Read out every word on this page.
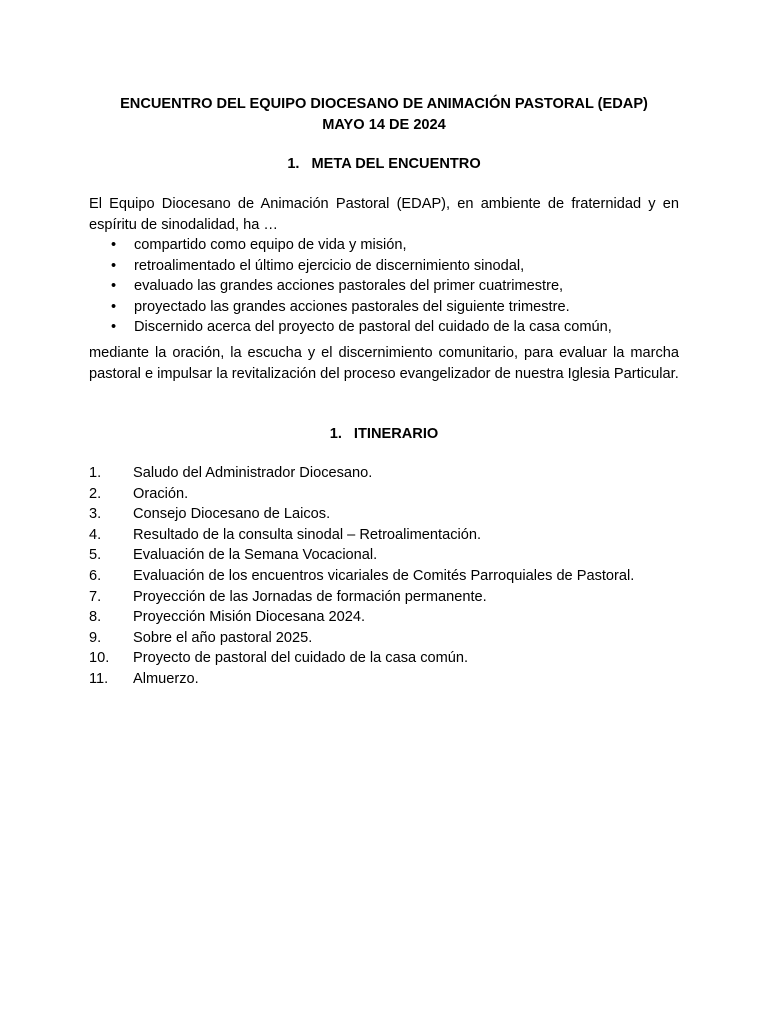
ENCUENTRO DEL EQUIPO DIOCESANO DE ANIMACIÓN PASTORAL (EDAP)
MAYO 14 DE 2024
1. META DEL ENCUENTRO
El Equipo Diocesano de Animación Pastoral (EDAP), en ambiente de fraternidad y en espíritu de sinodalidad, ha …
• compartido como equipo de vida y misión,
• retroalimentado el último ejercicio de discernimiento sinodal,
• evaluado las grandes acciones pastorales del primer cuatrimestre,
• proyectado las grandes acciones pastorales del siguiente trimestre.
• Discernido acerca del proyecto de pastoral del cuidado de la casa común,
mediante la oración, la escucha y el discernimiento comunitario, para evaluar la marcha pastoral e impulsar la revitalización del proceso evangelizador de nuestra Iglesia Particular.
1. ITINERARIO
1. Saludo del Administrador Diocesano.
2. Oración.
3. Consejo Diocesano de Laicos.
4. Resultado de la consulta sinodal – Retroalimentación.
5. Evaluación de la Semana Vocacional.
6. Evaluación de los encuentros vicariales de Comités Parroquiales de Pastoral.
7. Proyección de las Jornadas de formación permanente.
8. Proyección Misión Diocesana 2024.
9. Sobre el año pastoral 2025.
10. Proyecto de pastoral del cuidado de la casa común.
11. Almuerzo.
